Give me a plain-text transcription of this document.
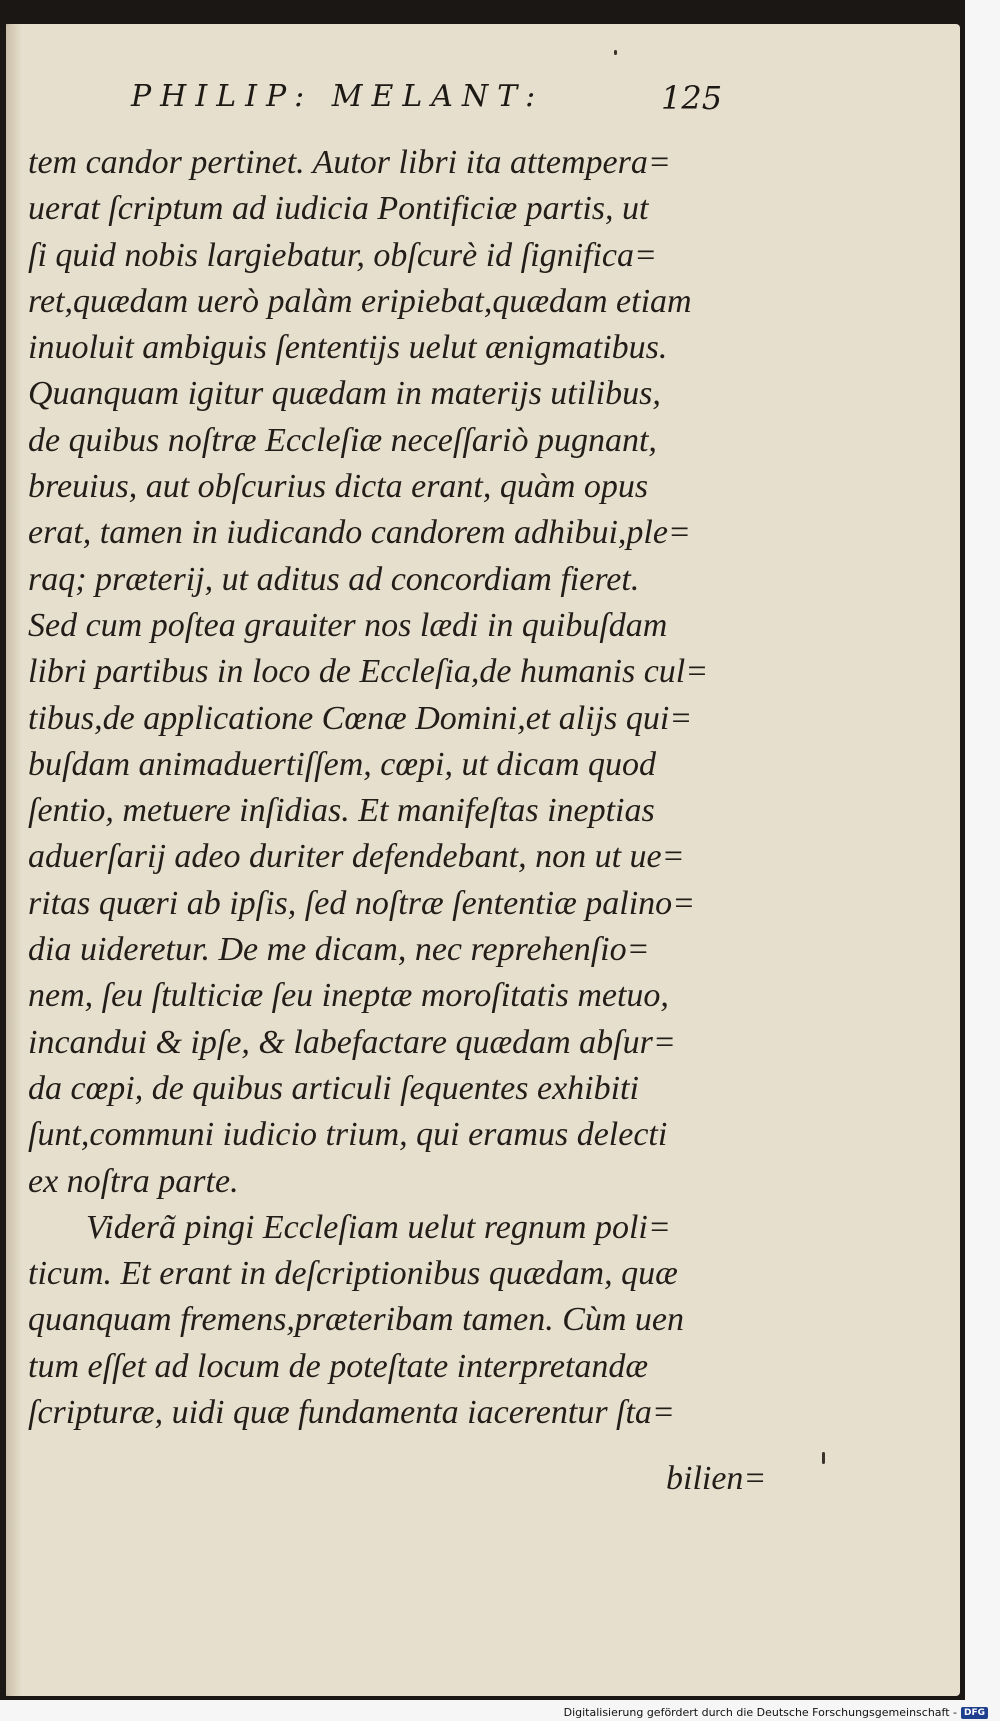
PHILIP: MELANT:	125
tem candor pertinet. Autor libri ita attempera=
uerat ſcriptum ad iudicia Pontificiæ partis, ut
ſi quid nobis largiebatur, obſcurè id ſignifica=
ret,quædam uerò palàm eripiebat,quædam etiam
inuoluit ambiguis ſententijs uelut ænigmatibus.
Quanquam igitur quædam in materijs utilibus,
de quibus noſtræ Eccleſiæ neceſſariò pugnant,
breuius, aut obſcurius dicta erant, quàm opus
erat, tamen in iudicando candorem adhibui,ple=
raq; præterij, ut aditus ad concordiam fieret.
Sed cum poſtea grauiter nos lædi in quibuſdam
libri partibus in loco de Eccleſia,de humanis cul=
tibus,de applicatione Cœnæ Domini,et alijs qui=
buſdam animaduertiſſem, cœpi, ut dicam quod
ſentio, metuere inſidias. Et manifeſtas ineptias
aduerſarij adeo duriter defendebant, non ut ue=
ritas quæri ab ipſis, ſed noſtræ ſententiæ palino=
dia uideretur. De me dicam, nec reprehenſio=
nem, ſeu ſtulticiæ ſeu ineptæ moroſitatis metuo,
incandui & ipſe, & labefactare quædam abſur=
da cœpi, de quibus articuli ſequentes exhibiti
ſunt,communi iudicio trium, qui eramus delecti
ex noſtra parte.
Viderã pingi Eccleſiam uelut regnum poli=
ticum. Et erant in deſcriptionibus quædam, quæ
quanquam fremens,præteribam tamen. Cùm uen
tum eſſet ad locum de poteſtate interpretandæ
ſcripturæ, uidi quæ fundamenta iacerentur ſta=
bilien=
Digitalisierung gefördert durch die Deutsche Forschungsgemeinschaft - DFG
